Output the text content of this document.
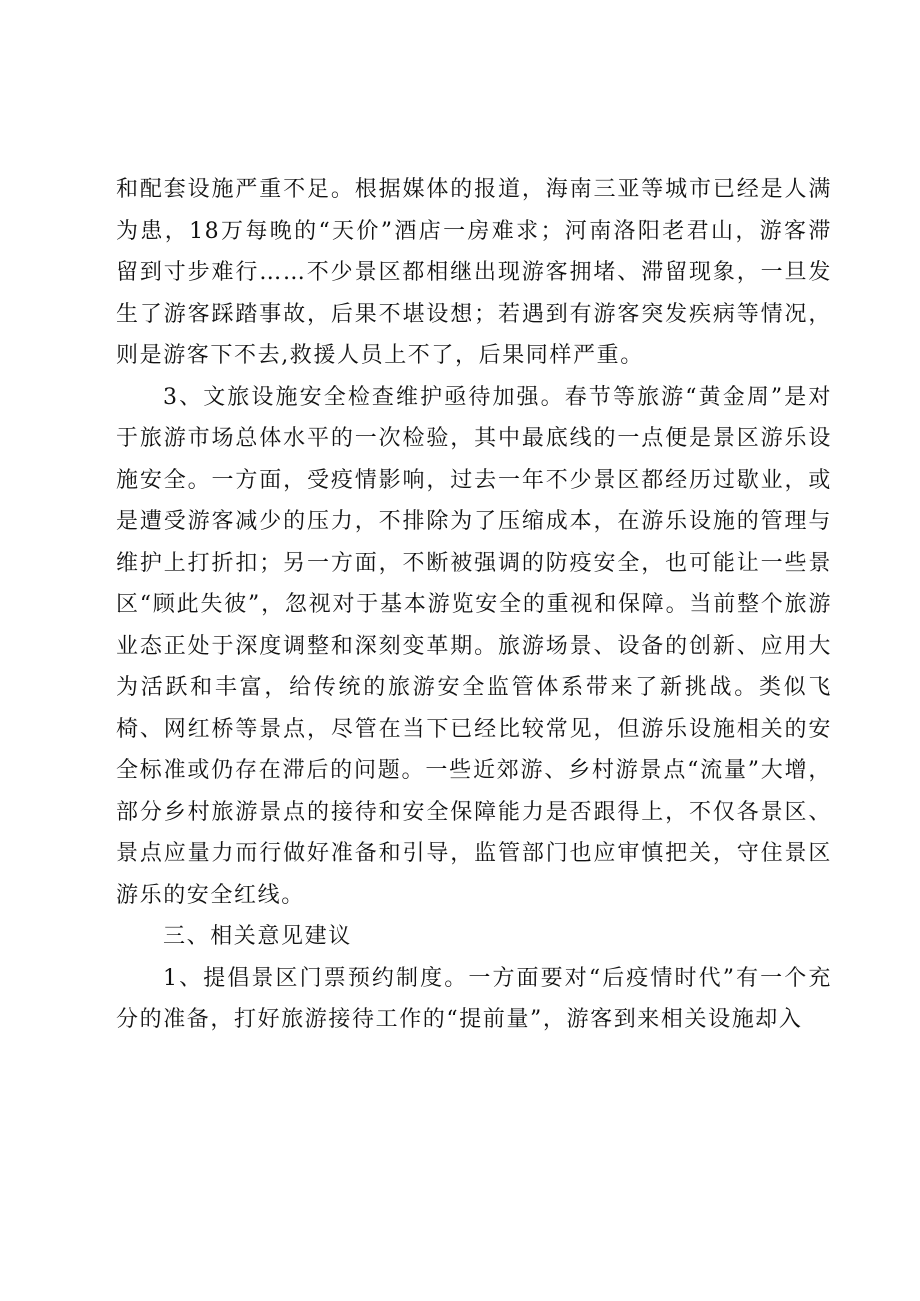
和配套设施严重不足。根据媒体的报道，海南三亚等城市已经是人满为患，18万每晚的“天价”酒店一房难求；河南洛阳老君山，游客滞留到寸步难行……不少景区都相继出现游客拥堵、滞留现象，一旦发生了游客踩踏事故，后果不堪设想；若遇到有游客突发疾病等情况，则是游客下不去,救援人员上不了，后果同样严重。

3、文旅设施安全检查维护亟待加强。春节等旅游“黄金周”是对于旅游市场总体水平的一次检验，其中最底线的一点便是景区游乐设施安全。一方面，受疫情影响，过去一年不少景区都经历过歇业，或是遭受游客减少的压力，不排除为了压缩成本，在游乐设施的管理与维护上打折扣；另一方面，不断被强调的防疫安全，也可能让一些景区“顾此失彼”，忽视对于基本游览安全的重视和保障。当前整个旅游业态正处于深度调整和深刻变革期。旅游场景、设备的创新、应用大为活跃和丰富，给传统的旅游安全监管体系带来了新挑战。类似飞椅、网红桥等景点，尽管在当下已经比较常见，但游乐设施相关的安全标准或仍存在滞后的问题。一些近郊游、乡村游景点“流量”大增，部分乡村旅游景点的接待和安全保障能力是否跟得上，不仅各景区、景点应量力而行做好准备和引导，监管部门也应审慎把关，守住景区游乐的安全红线。

三、相关意见建议

1、提倡景区门票预约制度。一方面要对“后疫情时代”有一个充分的准备，打好旅游接待工作的“提前量”，游客到来相关设施却入
